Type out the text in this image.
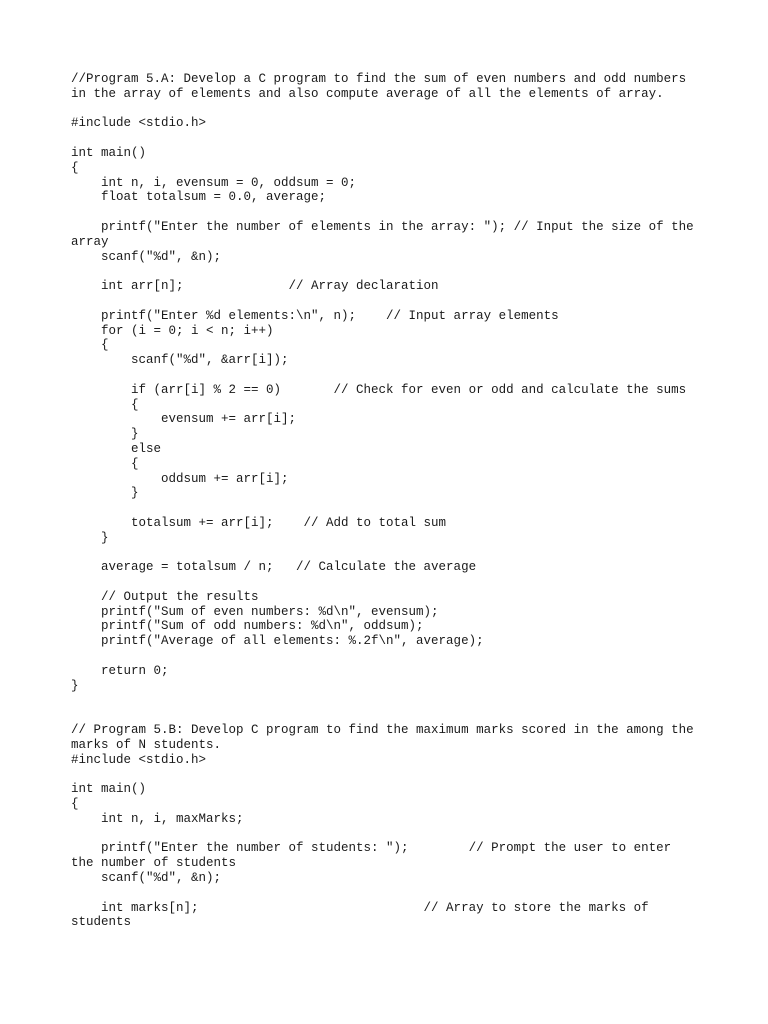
//Program 5.A: Develop a C program to find the sum of even numbers and odd numbers
in the array of elements and also compute average of all the elements of array.
#include <stdio.h>
int main()
{
int n, i, evensum = 0, oddsum = 0;
float totalsum = 0.0, average;
printf("Enter the number of elements in the array: "); // Input the size of the
array
scanf("%d", &n);
int arr[n];              // Array declaration
printf("Enter %d elements:\n", n);    // Input array elements
for (i = 0; i < n; i++)
{
scanf("%d", &arr[i]);
if (arr[i] % 2 == 0)       // Check for even or odd and calculate the sums
{
evensum += arr[i];
}
else
{
oddsum += arr[i];
}
totalsum += arr[i];    // Add to total sum
}
average = totalsum / n;   // Calculate the average
// Output the results
printf("Sum of even numbers: %d\n", evensum);
printf("Sum of odd numbers: %d\n", oddsum);
printf("Average of all elements: %.2f\n", average);
return 0;
}
// Program 5.B: Develop C program to find the maximum marks scored in the among the
marks of N students.
#include <stdio.h>
int main()
{
int n, i, maxMarks;
printf("Enter the number of students: ");        // Prompt the user to enter
the number of students
scanf("%d", &n);
int marks[n];                              // Array to store the marks of
students
